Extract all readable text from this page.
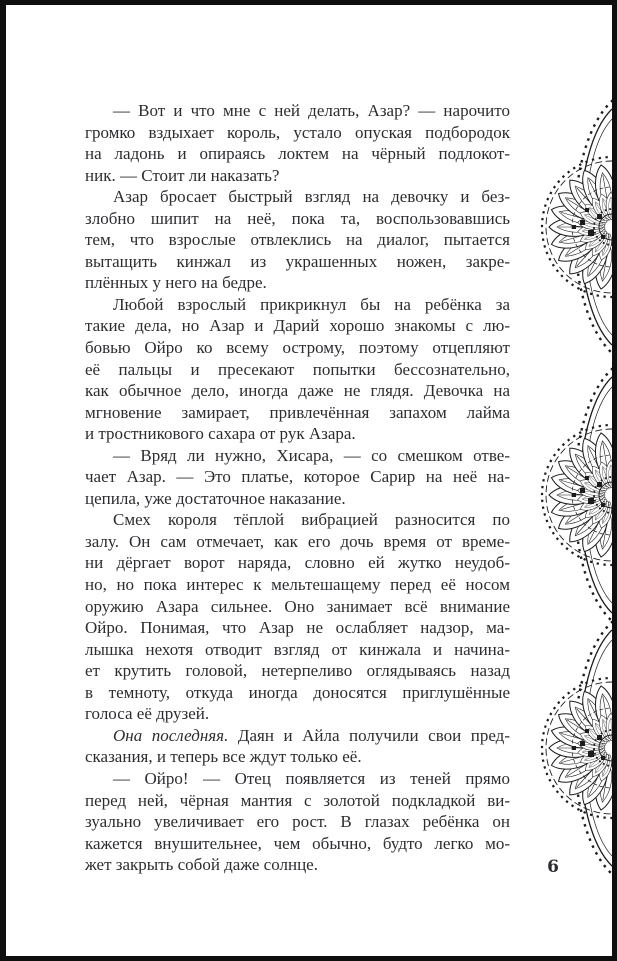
— Вот и что мне с ней делать, Азар? — нарочито
громко вздыхает король, устало опуская подбородок
на ладонь и опираясь локтем на чёрный подлокот-
ник. — Стоит ли наказать?
Азар бросает быстрый взгляд на девочку и без-
злобно шипит на неё, пока та, воспользовавшись
тем, что взрослые отвлеклись на диалог, пытается
вытащить кинжал из украшенных ножен, закре-
плённых у него на бедре.
Любой взрослый прикрикнул бы на ребёнка за
такие дела, но Азар и Дарий хорошо знакомы с лю-
бовью Ойро ко всему острому, поэтому отцепляют
её пальцы и пресекают попытки бессознательно,
как обычное дело, иногда даже не глядя. Девочка на
мгновение замирает, привлечённая запахом лайма
и тростникового сахара от рук Азара.
— Вряд ли нужно, Хисара, — со смешком отве-
чает Азар. — Это платье, которое Сарир на неё на-
цепила, уже достаточное наказание.
Смех короля тёплой вибрацией разносится по
залу. Он сам отмечает, как его дочь время от време-
ни дёргает ворот наряда, словно ей жутко неудоб-
но, но пока интерес к мельтешащему перед её носом
оружию Азара сильнее. Оно занимает всё внимание
Ойро. Понимая, что Азар не ослабляет надзор, ма-
лышка нехотя отводит взгляд от кинжала и начина-
ет крутить головой, нетерпеливо оглядываясь назад
в темноту, откуда иногда доносятся приглушённые
голоса её друзей.
Она последняя. Даян и Айла получили свои пред-
сказания, и теперь все ждут только её.
— Ойро! — Отец появляется из теней прямо
перед ней, чёрная мантия с золотой подкладкой ви-
зуально увеличивает его рост. В глазах ребёнка он
кажется внушительнее, чем обычно, будто легко мо-
жет закрыть собой даже солнце.	6
